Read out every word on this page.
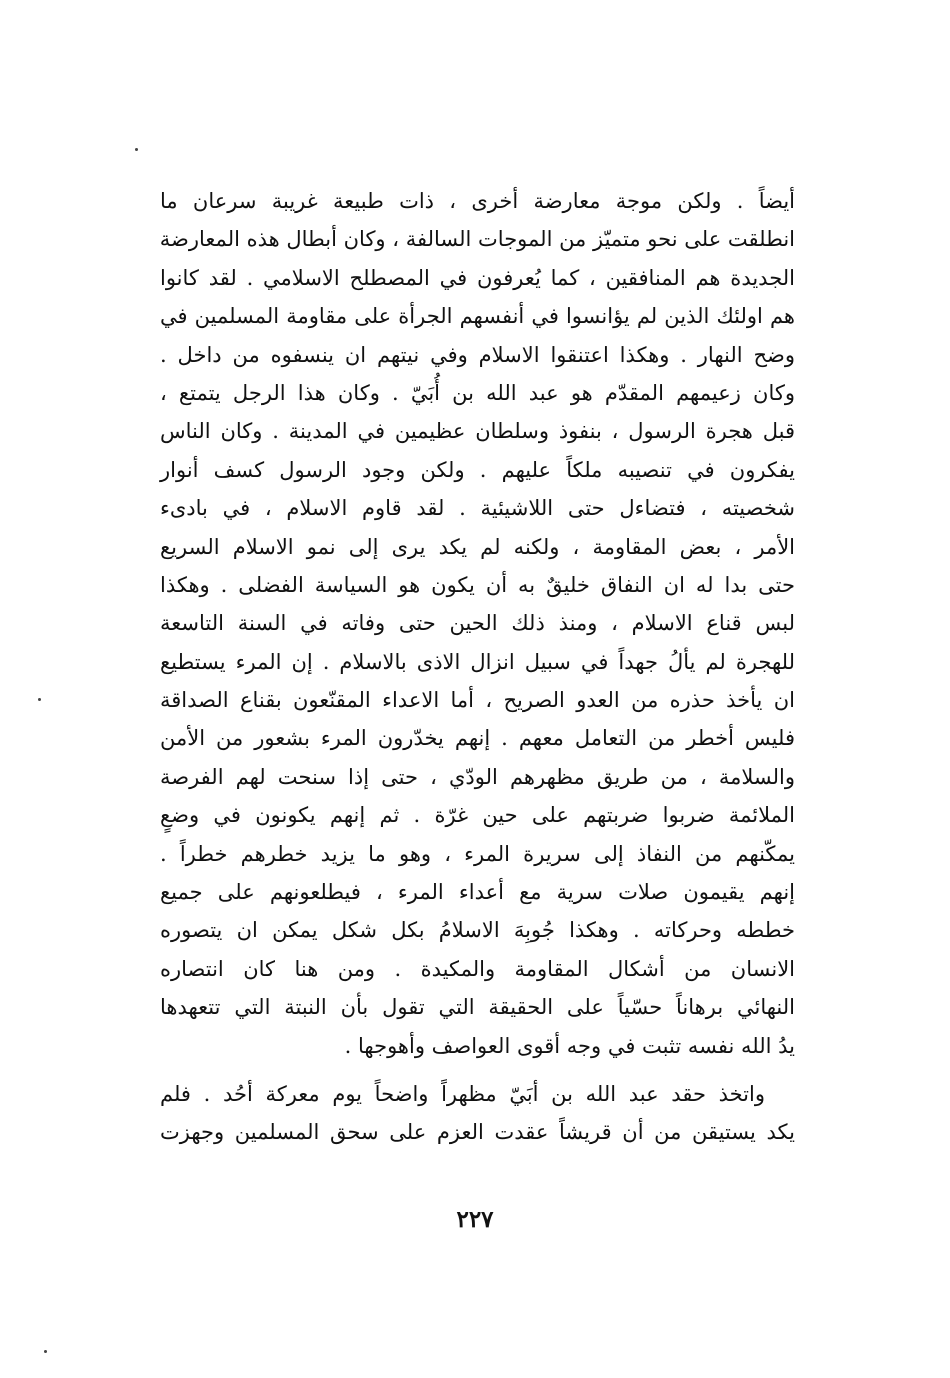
أيضاً . ولكن موجة معارضة أخرى ، ذات طبيعة غريبة سرعان ما
انطلقت على نحو متميّز من الموجات السالفة ، وكان أبطال هذه المعارضة
الجديدة هم المنافقين ، كما يُعرفون في المصطلح الاسلامي . لقد كانوا
هم اولئك الذين لم يؤانسوا في أنفسهم الجرأة على مقاومة المسلمين في
وضح النهار . وهكذا اعتنقوا الاسلام وفي نيتهم ان ينسفوه من داخل .
وكان زعيمهم المقدّم هو عبد الله بن أُبَيّ . وكان هذا الرجل يتمتع ،
قبل هجرة الرسول ، بنفوذ وسلطان عظيمين في المدينة . وكان الناس
يفكرون في تنصيبه ملكاً عليهم . ولكن وجود الرسول كسف أنوار
شخصيته ، فتضاءل حتى اللاشيئية . لقد قاوم الاسلام ، في بادىء
الأمر ، بعض المقاومة ، ولكنه لم يكد يرى إلى نمو الاسلام السريع
حتى بدا له ان النفاق خليقٌ به أن يكون هو السياسة الفضلى . وهكذا
لبس قناع الاسلام ، ومنذ ذلك الحين حتى وفاته في السنة التاسعة
للهجرة لم يألُ جهداً في سبيل انزال الاذى بالاسلام . إن المرء يستطيع
ان يأخذ حذره من العدو الصريح ، أما الاعداء المقنّعون بقناع الصداقة
فليس أخطر من التعامل معهم . إنهم يخدّرون المرء بشعور من الأمن
والسلامة ، من طريق مظهرهم الودّي ، حتى إذا سنحت لهم الفرصة
الملائمة ضربوا ضربتهم على حين غرّة . ثم إنهم يكونون في وضعٍ
يمكّنهم من النفاذ إلى سريرة المرء ، وهو ما يزيد خطرهم خطراً .
إنهم يقيمون صلات سرية مع أعداء المرء ، فيطلعونهم على جميع
خططه وحركاته . وهكذا جُوبِهَ الاسلامُ بكل شكل يمكن ان يتصوره
الانسان من أشكال المقاومة والمكيدة . ومن هنا كان انتصاره
النهائي برهاناً حسّياً على الحقيقة التي تقول بأن النبتة التي تتعهدها
يدُ الله نفسه تثبت في وجه أقوى العواصف وأهوجها .
واتخذ حقد عبد الله بن أبَيّ مظهراً واضحاً يوم معركة أحُد . فلم
يكد يستيقن من أن قريشاً عقدت العزم على سحق المسلمين وجهزت
٢٢٧
